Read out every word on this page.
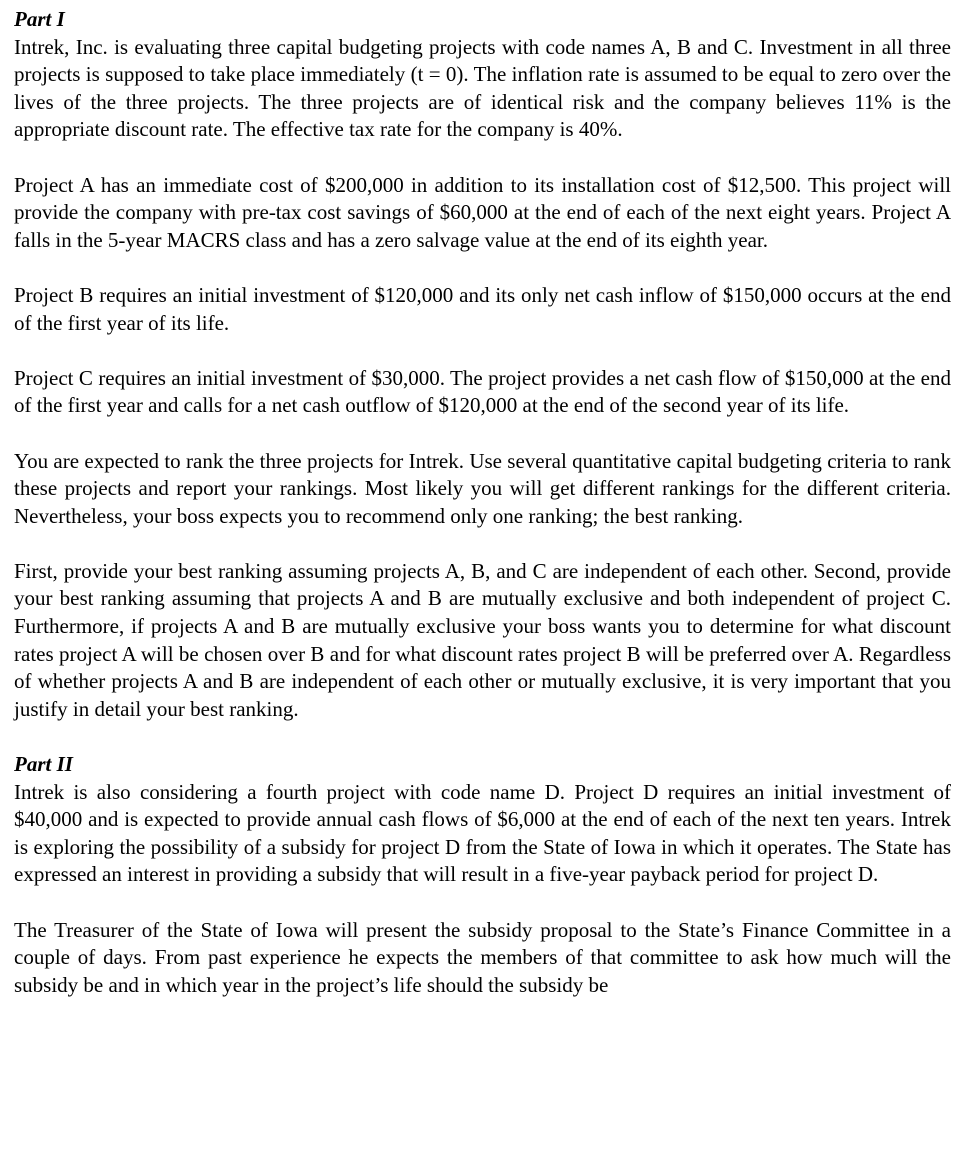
Part I

Intrek, Inc. is evaluating three capital budgeting projects with code names A, B and C. Investment in all three projects is supposed to take place immediately (t = 0). The inflation rate is assumed to be equal to zero over the lives of the three projects. The three projects are of identical risk and the company believes 11% is the appropriate discount rate. The effective tax rate for the company is 40%.

Project A has an immediate cost of $200,000 in addition to its installation cost of $12,500. This project will provide the company with pre-tax cost savings of $60,000 at the end of each of the next eight years. Project A falls in the 5-year MACRS class and has a zero salvage value at the end of its eighth year.

Project B requires an initial investment of $120,000 and its only net cash inflow of $150,000 occurs at the end of the first year of its life.

Project C requires an initial investment of $30,000. The project provides a net cash flow of $150,000 at the end of the first year and calls for a net cash outflow of $120,000 at the end of the second year of its life.

You are expected to rank the three projects for Intrek. Use several quantitative capital budgeting criteria to rank these projects and report your rankings. Most likely you will get different rankings for the different criteria. Nevertheless, your boss expects you to recommend only one ranking; the best ranking.

First, provide your best ranking assuming projects A, B, and C are independent of each other. Second, provide your best ranking assuming that projects A and B are mutually exclusive and both independent of project C. Furthermore, if projects A and B are mutually exclusive your boss wants you to determine for what discount rates project A will be chosen over B and for what discount rates project B will be preferred over A. Regardless of whether projects A and B are independent of each other or mutually exclusive, it is very important that you justify in detail your best ranking.

Part II

Intrek is also considering a fourth project with code name D. Project D requires an initial investment of $40,000 and is expected to provide annual cash flows of $6,000 at the end of each of the next ten years. Intrek is exploring the possibility of a subsidy for project D from the State of Iowa in which it operates. The State has expressed an interest in providing a subsidy that will result in a five-year payback period for project D.

The Treasurer of the State of Iowa will present the subsidy proposal to the State’s Finance Committee in a couple of days. From past experience he expects the members of that committee to ask how much will the subsidy be and in which year in the project’s life should the subsidy be
